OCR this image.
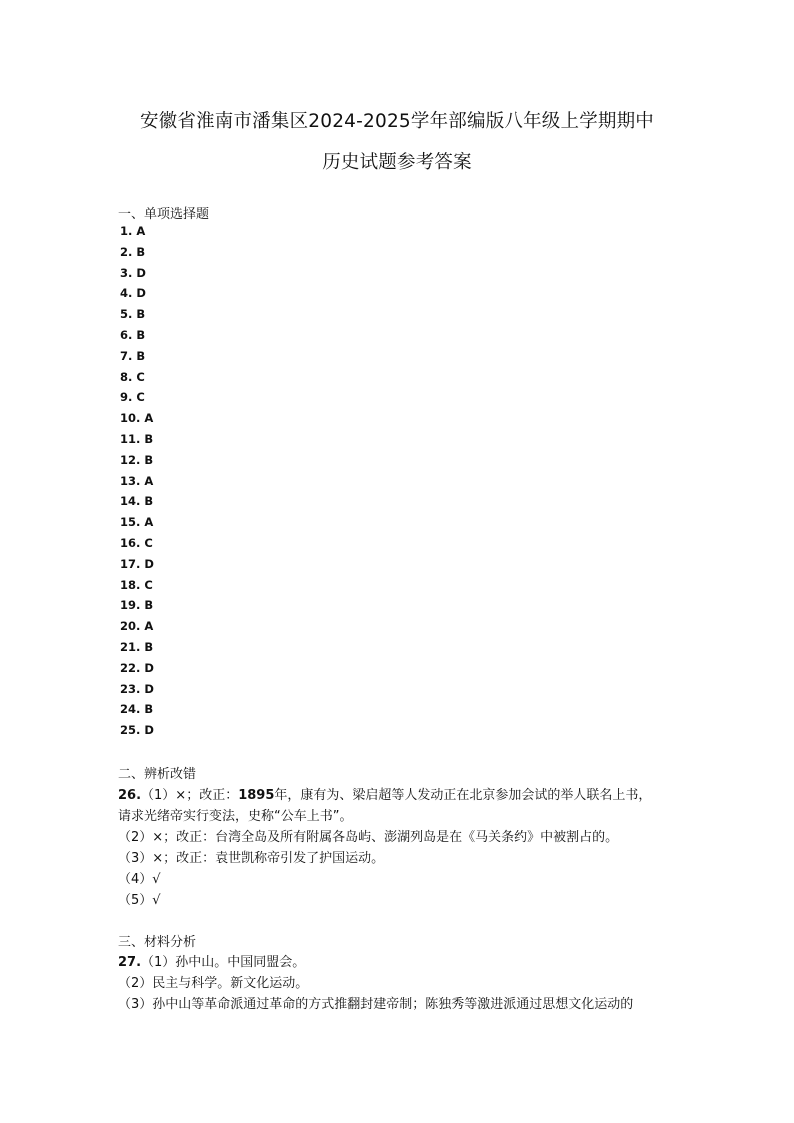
安徽省淮南市潘集区2024-2025学年部编版八年级上学期期中
历史试题参考答案
一、单项选择题
1. A
2. B
3. D
4. D
5. B
6. B
7. B
8. C
9. C
10. A
11. B
12. B
13. A
14. B
15. A
16. C
17. D
18. C
19. B
20. A
21. B
22. D
23. D
24. B
25. D
二、辨析改错
26.（1）×；改正：1895年，康有为、梁启超等人发动正在北京参加会试的举人联名上书，
请求光绪帝实行变法，史称“公车上书”。
（2）×；改正：台湾全岛及所有附属各岛屿、澎湖列岛是在《马关条约》中被割占的。
（3）×；改正：袁世凯称帝引发了护国运动。
（4）√
（5）√
三、材料分析
27.（1）孙中山。中国同盟会。
（2）民主与科学。新文化运动。
（3）孙中山等革命派通过革命的方式推翻封建帝制；陈独秀等激进派通过思想文化运动的
